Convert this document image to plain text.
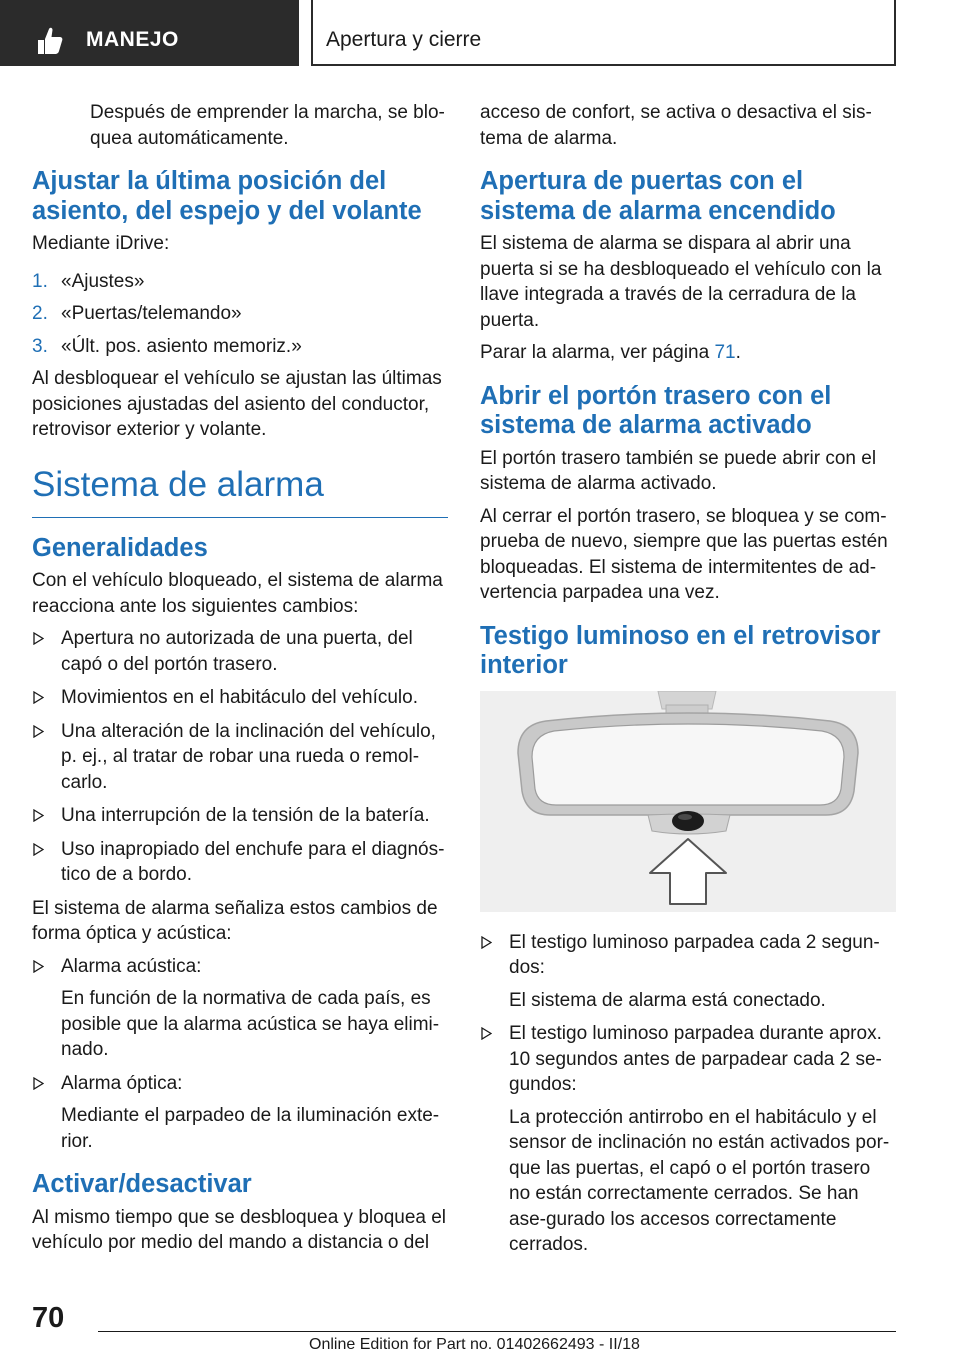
MANEJO	Apertura y cierre

Después de emprender la marcha, se blo-quea automáticamente.

Ajustar la última posición del asiento, del espejo y del volante

Mediante iDrive:

1. «Ajustes»
2. «Puertas/telemando»
3. «Últ. pos. asiento memoriz.»

Al desbloquear el vehículo se ajustan las últimas posiciones ajustadas del asiento del conductor, retrovisor exterior y volante.

Sistema de alarma
Generalidades

Con el vehículo bloqueado, el sistema de alarma reacciona ante los siguientes cambios:

Apertura no autorizada de una puerta, del capó o del portón trasero.
Movimientos en el habitáculo del vehículo.
Una alteración de la inclinación del vehículo, p. ej., al tratar de robar una rueda o remol-carlo.
Una interrupción de la tensión de la batería.
Uso inapropiado del enchufe para el diagnós-tico de a bordo.

El sistema de alarma señaliza estos cambios de forma óptica y acústica:

Alarma acústica:
En función de la normativa de cada país, es posible que la alarma acústica se haya elimi-nado.
Alarma óptica:
Mediante el parpadeo de la iluminación exte-rior.
Activar/desactivar

Al mismo tiempo que se desbloquea y bloquea el vehículo por medio del mando a distancia o del

acceso de confort, se activa o desactiva el sis-tema de alarma.

Apertura de puertas con el sistema de alarma encendido

El sistema de alarma se dispara al abrir una puerta si se ha desbloqueado el vehículo con la llave integrada a través de la cerradura de la puerta.

Parar la alarma, ver página 71.

Abrir el portón trasero con el sistema de alarma activado

El portón trasero también se puede abrir con el sistema de alarma activado.

Al cerrar el portón trasero, se bloquea y se com-prueba de nuevo, siempre que las puertas estén bloqueadas. El sistema de intermitentes de ad-vertencia parpadea una vez.

Testigo luminoso en el retrovisor interior
El testigo luminoso parpadea cada 2 segun-dos:
El sistema de alarma está conectado.
El testigo luminoso parpadea durante aprox. 10 segundos antes de parpadear cada 2 se-gundos:
La protección antirrobo en el habitáculo y el sensor de inclinación no están activados por-que las puertas, el capó o el portón trasero no están correctamente cerrados. Se han ase-gurado los accesos correctamente cerrados.
70
Online Edition for Part no. 01402662493 - II/18
